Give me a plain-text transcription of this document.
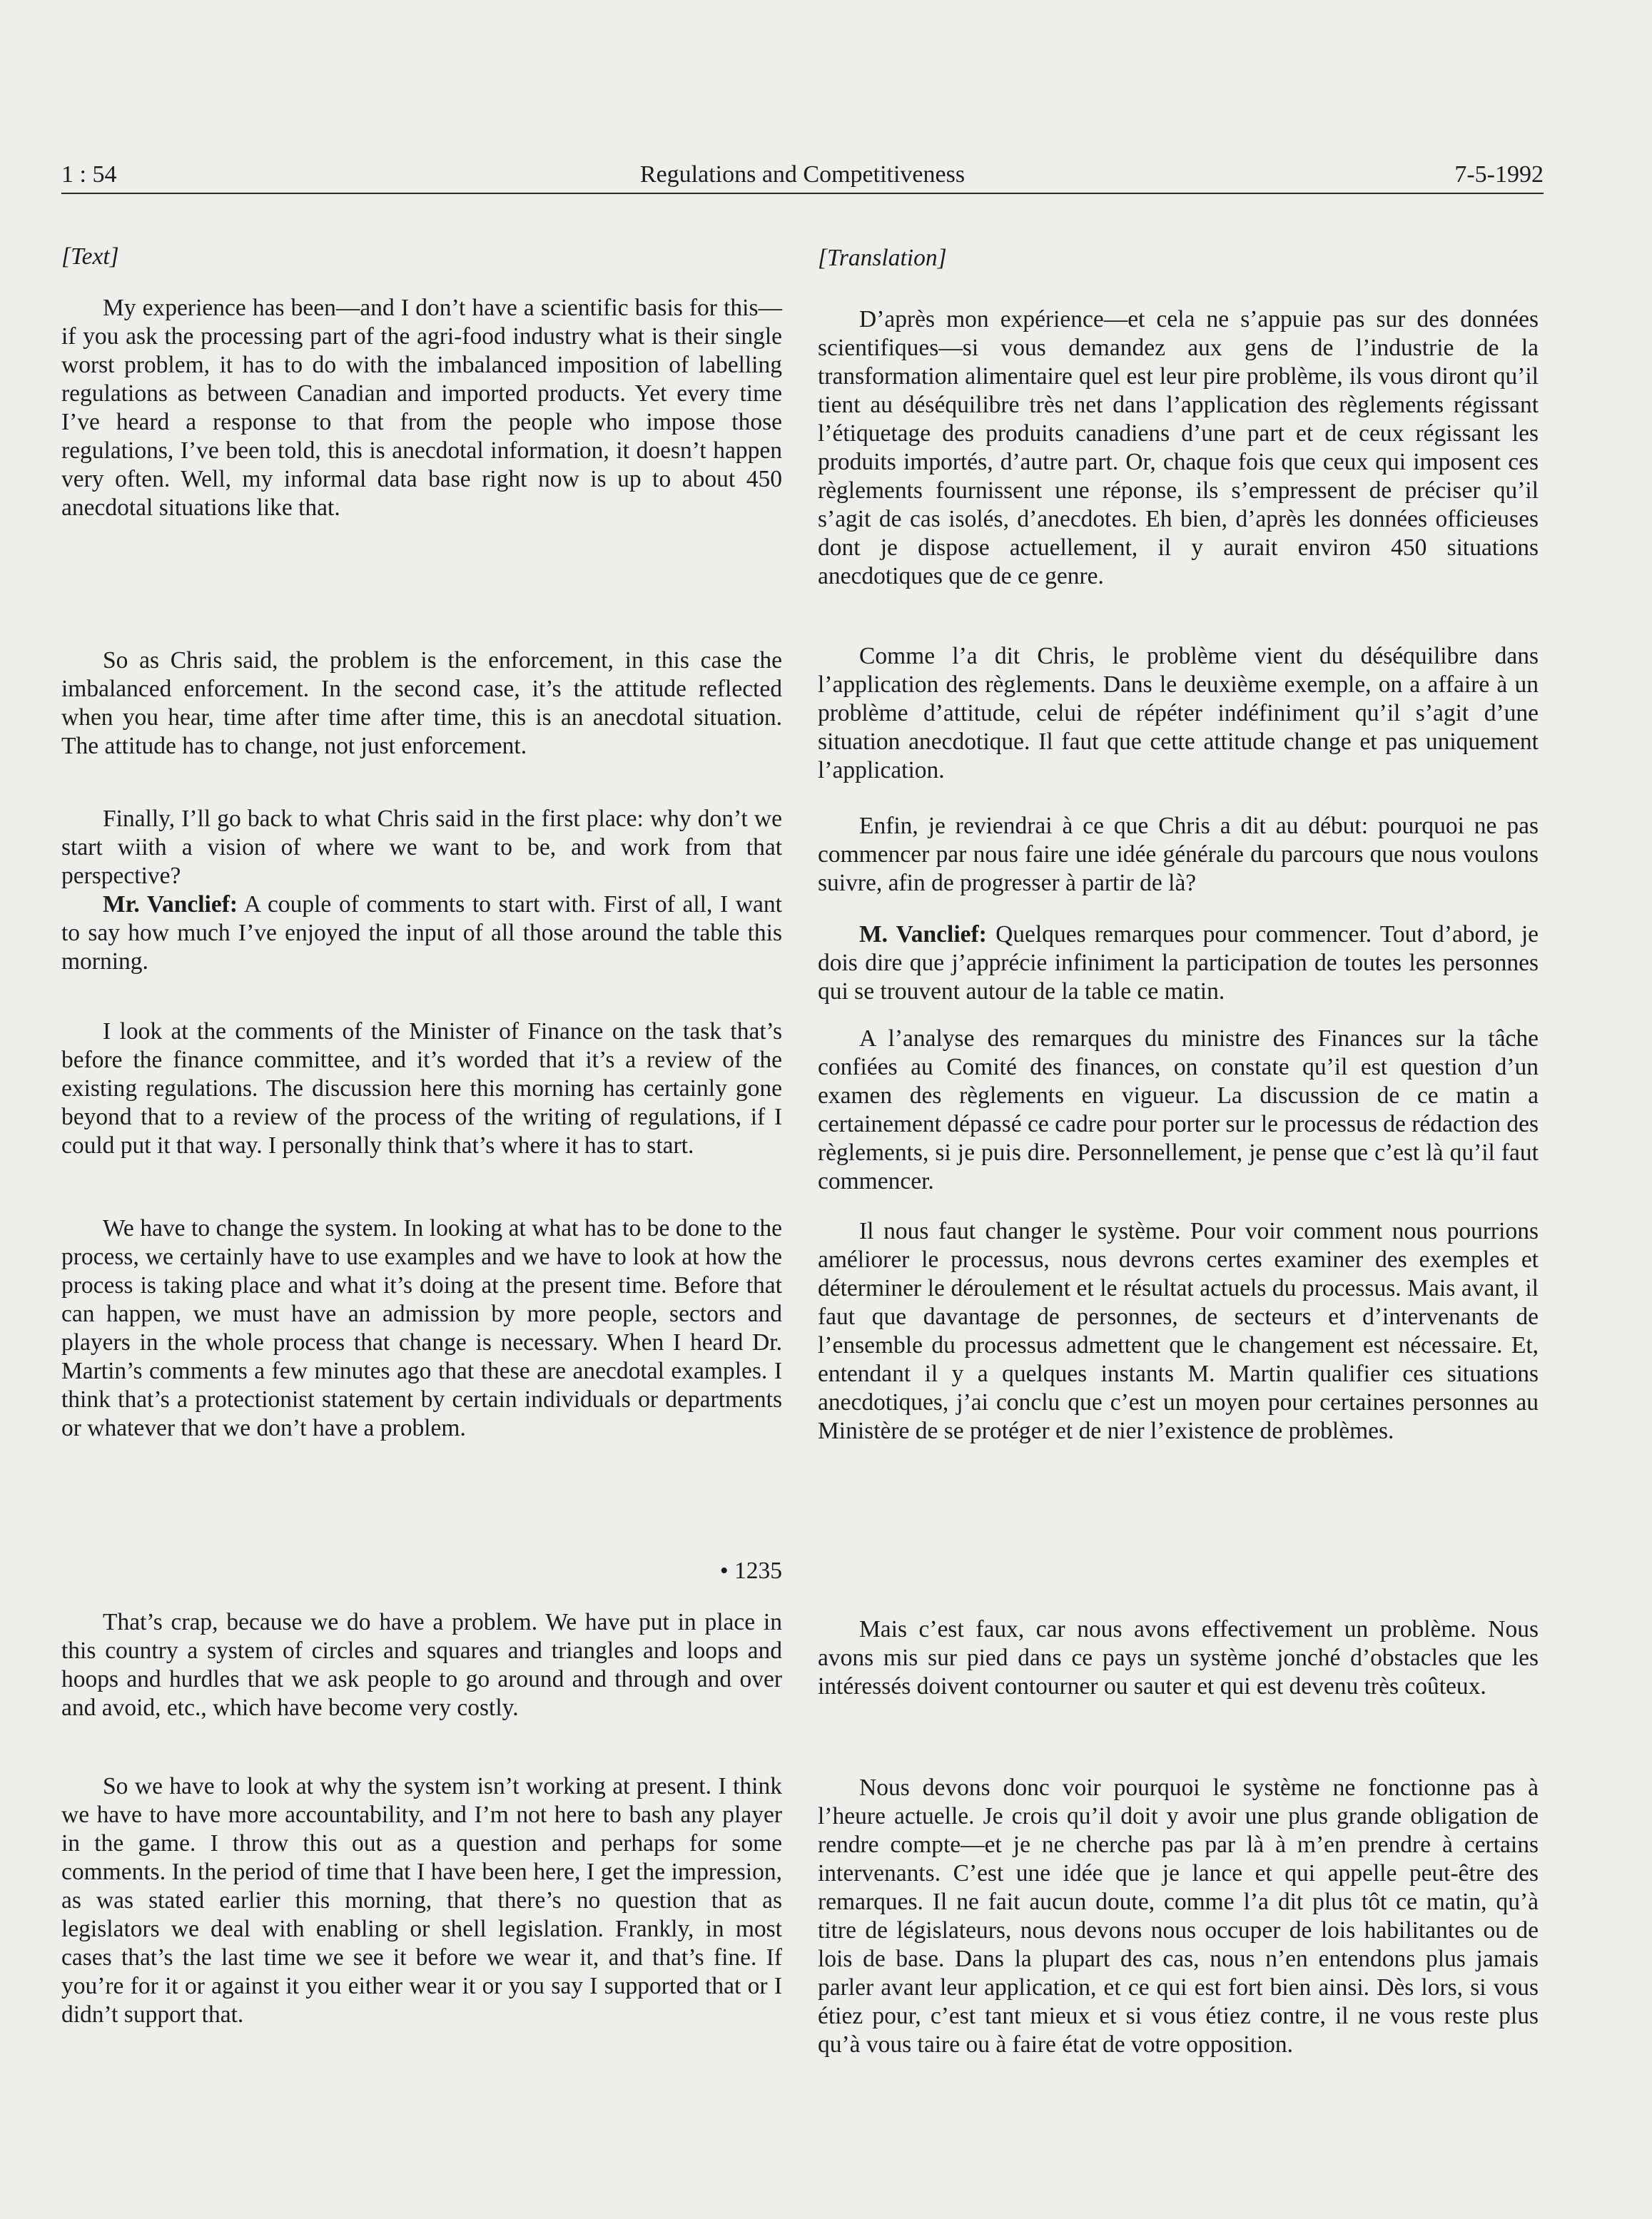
1 : 54	Regulations and Competitiveness	7-5-1992

[Text]

My experience has been—and I don’t have a scientific basis for this—if you ask the processing part of the agri-food industry what is their single worst problem, it has to do with the imbalanced imposition of labelling regulations as between Canadian and imported products. Yet every time I’ve heard a response to that from the people who impose those regulations, I’ve been told, this is anecdotal information, it doesn’t happen very often. Well, my informal data base right now is up to about 450 anecdotal situations like that.

So as Chris said, the problem is the enforcement, in this case the imbalanced enforcement. In the second case, it’s the attitude reflected when you hear, time after time after time, this is an anecdotal situation. The attitude has to change, not just enforcement.

Finally, I’ll go back to what Chris said in the first place: why don’t we start wiith a vision of where we want to be, and work from that perspective?

Mr. Vanclief: A couple of comments to start with. First of all, I want to say how much I’ve enjoyed the input of all those around the table this morning.

I look at the comments of the Minister of Finance on the task that’s before the finance committee, and it’s worded that it’s a review of the existing regulations. The discussion here this morning has certainly gone beyond that to a review of the process of the writing of regulations, if I could put it that way. I personally think that’s where it has to start.

We have to change the system. In looking at what has to be done to the process, we certainly have to use examples and we have to look at how the process is taking place and what it’s doing at the present time. Before that can happen, we must have an admission by more people, sectors and players in the whole process that change is necessary. When I heard Dr. Martin’s comments a few minutes ago that these are anecdotal examples. I think that’s a protectionist statement by certain individuals or departments or whatever that we don’t have a problem.

• 1235

That’s crap, because we do have a problem. We have put in place in this country a system of circles and squares and triangles and loops and hoops and hurdles that we ask people to go around and through and over and avoid, etc., which have become very costly.

So we have to look at why the system isn’t working at present. I think we have to have more accountability, and I’m not here to bash any player in the game. I throw this out as a question and perhaps for some comments. In the period of time that I have been here, I get the impression, as was stated earlier this morning, that there’s no question that as legislators we deal with enabling or shell legislation. Frankly, in most cases that’s the last time we see it before we wear it, and that’s fine. If you’re for it or against it you either wear it or you say I supported that or I didn’t support that.

[Translation]

D’après mon expérience—et cela ne s’appuie pas sur des données scientifiques—si vous demandez aux gens de l’industrie de la transformation alimentaire quel est leur pire problème, ils vous diront qu’il tient au déséquilibre très net dans l’application des règlements régissant l’étiquetage des produits canadiens d’une part et de ceux régissant les produits importés, d’autre part. Or, chaque fois que ceux qui imposent ces règlements fournissent une réponse, ils s’empressent de préciser qu’il s’agit de cas isolés, d’anecdotes. Eh bien, d’après les données officieuses dont je dispose actuellement, il y aurait environ 450 situations anecdotiques que de ce genre.

Comme l’a dit Chris, le problème vient du déséquilibre dans l’application des règlements. Dans le deuxième exemple, on a affaire à un problème d’attitude, celui de répéter indéfiniment qu’il s’agit d’une situation anecdotique. Il faut que cette attitude change et pas uniquement l’application.

Enfin, je reviendrai à ce que Chris a dit au début: pourquoi ne pas commencer par nous faire une idée générale du parcours que nous voulons suivre, afin de progresser à partir de là?

M. Vanclief: Quelques remarques pour commencer. Tout d’abord, je dois dire que j’apprécie infiniment la participation de toutes les personnes qui se trouvent autour de la table ce matin.

A l’analyse des remarques du ministre des Finances sur la tâche confiées au Comité des finances, on constate qu’il est question d’un examen des règlements en vigueur. La discussion de ce matin a certainement dépassé ce cadre pour porter sur le processus de rédaction des règlements, si je puis dire. Personnellement, je pense que c’est là qu’il faut commencer.

Il nous faut changer le système. Pour voir comment nous pourrions améliorer le processus, nous devrons certes examiner des exemples et déterminer le déroulement et le résultat actuels du processus. Mais avant, il faut que davantage de personnes, de secteurs et d’intervenants de l’ensemble du processus admettent que le changement est nécessaire. Et, entendant il y a quelques instants M. Martin qualifier ces situations anecdotiques, j’ai conclu que c’est un moyen pour certaines personnes au Ministère de se protéger et de nier l’existence de problèmes.

Mais c’est faux, car nous avons effectivement un problème. Nous avons mis sur pied dans ce pays un système jonché d’obstacles que les intéressés doivent contourner ou sauter et qui est devenu très coûteux.

Nous devons donc voir pourquoi le système ne fonctionne pas à l’heure actuelle. Je crois qu’il doit y avoir une plus grande obligation de rendre compte—et je ne cherche pas par là à m’en prendre à certains intervenants. C’est une idée que je lance et qui appelle peut-être des remarques. Il ne fait aucun doute, comme l’a dit plus tôt ce matin, qu’à titre de législateurs, nous devons nous occuper de lois habilitantes ou de lois de base. Dans la plupart des cas, nous n’en entendons plus jamais parler avant leur application, et ce qui est fort bien ainsi. Dès lors, si vous étiez pour, c’est tant mieux et si vous étiez contre, il ne vous reste plus qu’à vous taire ou à faire état de votre opposition.
